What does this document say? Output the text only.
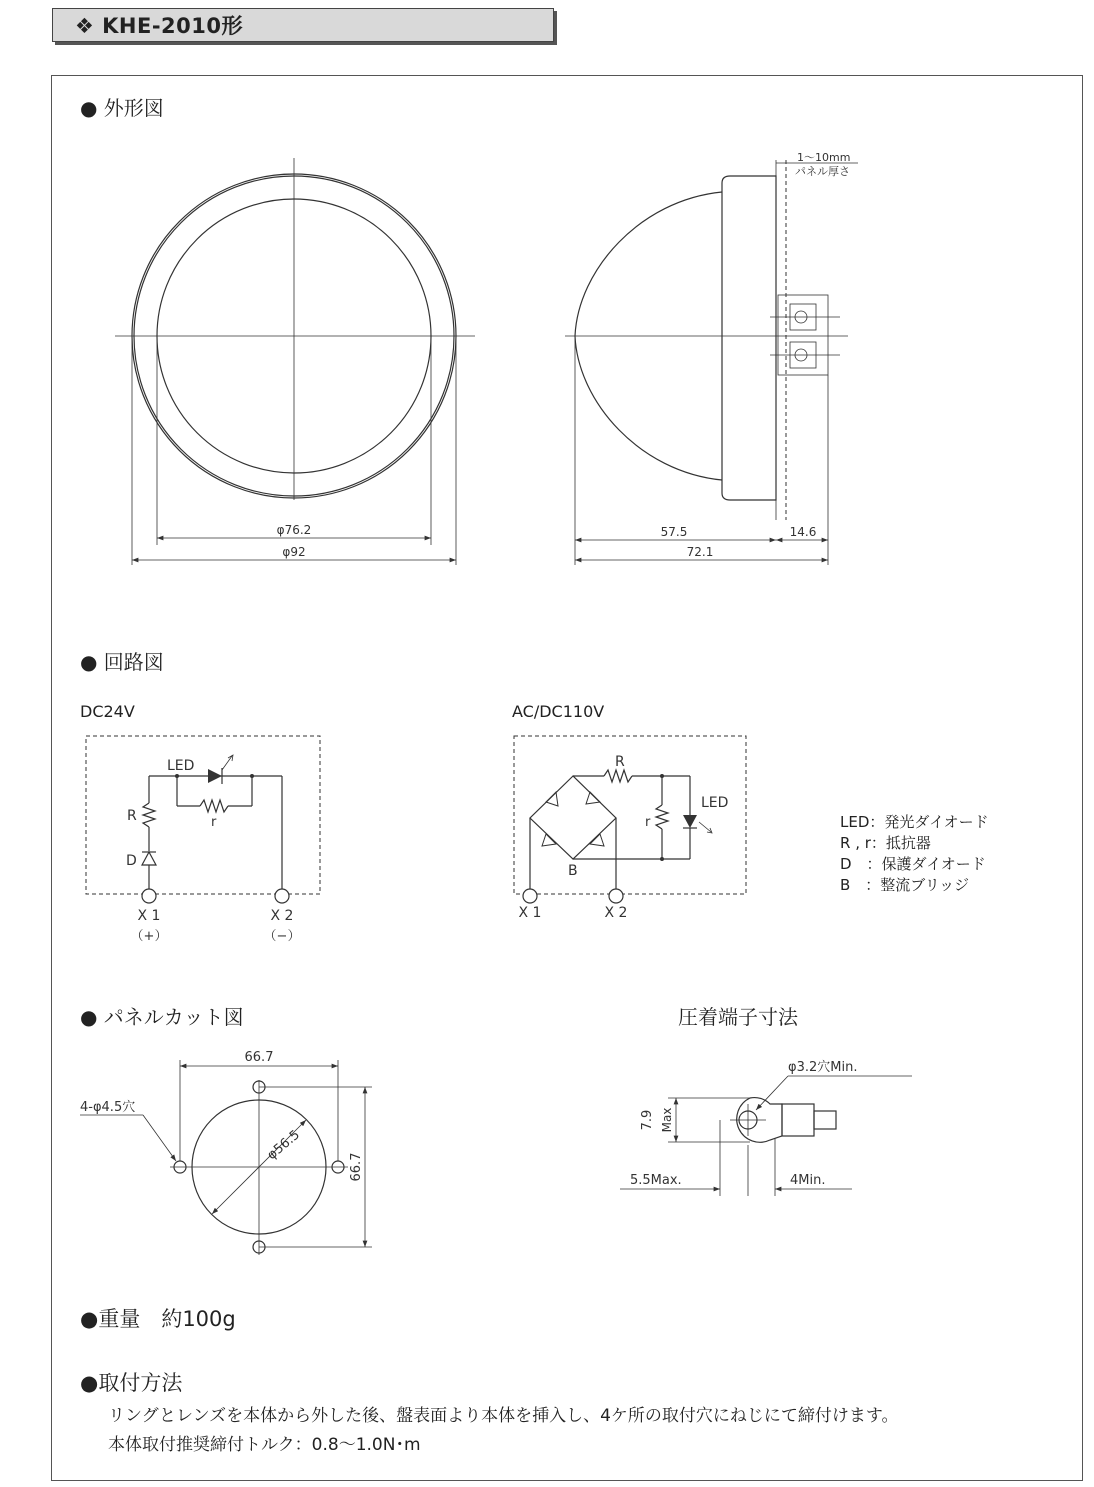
❖ KHE-2010形
● 外形図
● 回路図
● パネルカット図	圧着端子寸法
●重量　約100g
●取付方法
リングとレンズを本体から外した後、盤表面より本体を挿入し、4ケ所の取付穴にねじにて締付けます。
本体取付推奨締付トルク：0.8～1.0N･m
DC24V	AC/DC110V
LED：発光ダイオード
R , r：抵抗器
D　：保護ダイオード
B　：整流ブリッジ
φ76.2
φ92
1～10mm
パネル厚さ
57.5	14.6
72.1
LED
R	r
D
X 1	X 2
（+）	（−）
R
r
LED
B
X 1	X 2
66.7
66.7
φ56.5
4-φ4.5穴
7.9 Max
5.5Max.	4Min.
φ3.2穴Min.
